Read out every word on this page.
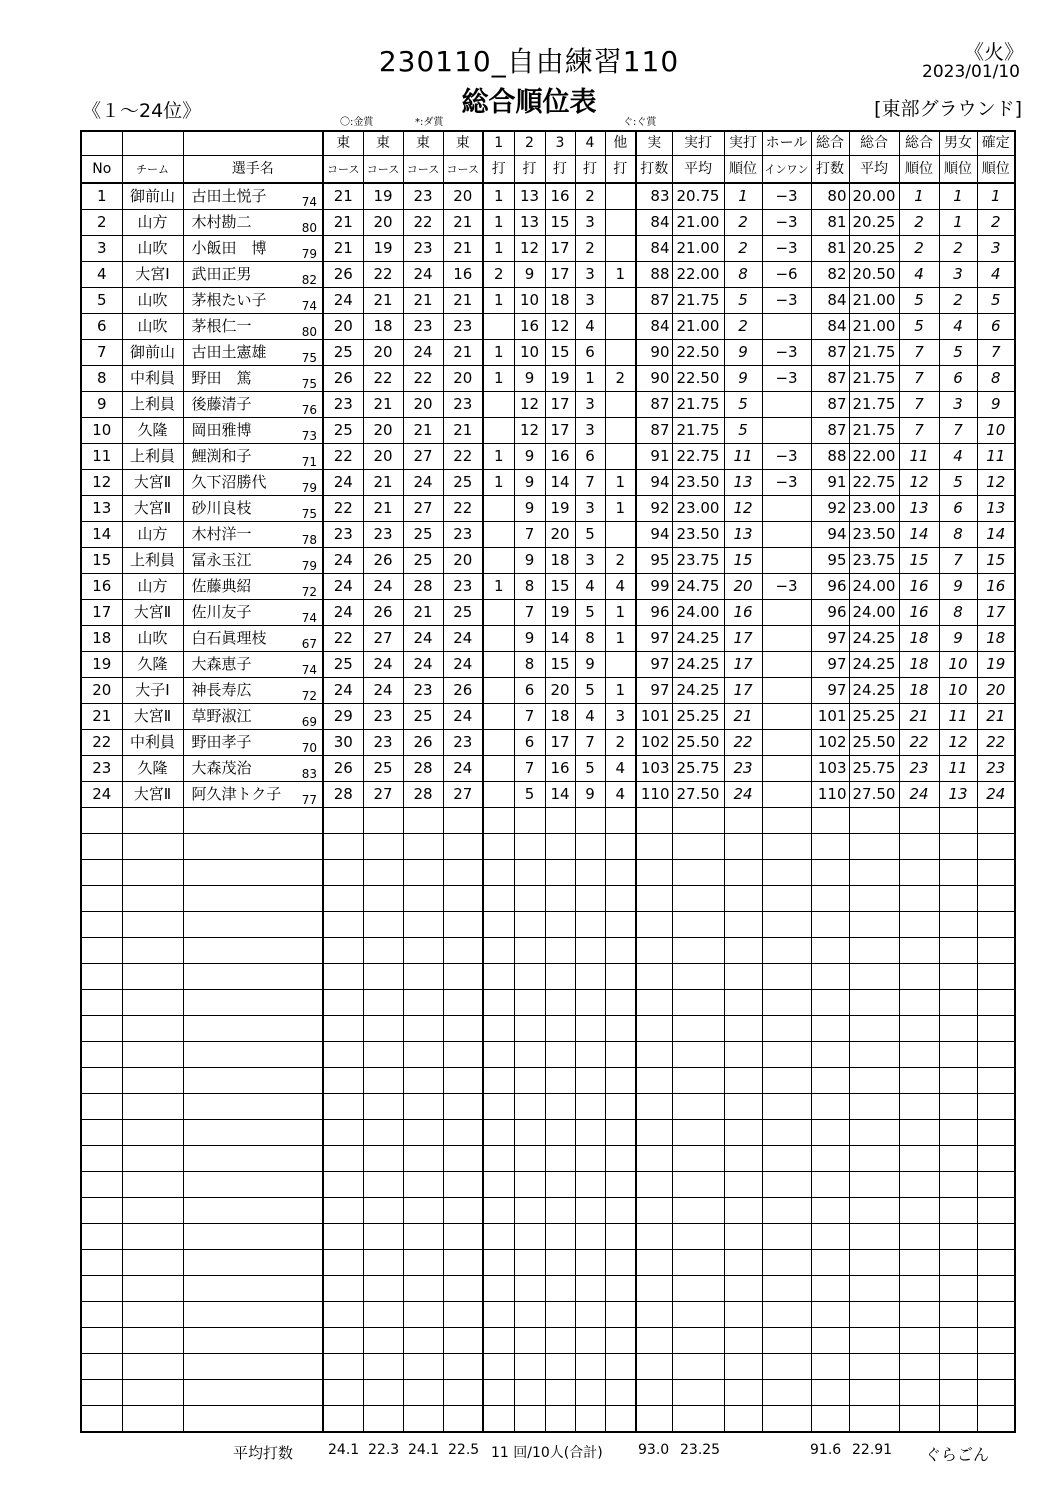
《火》
2023/01/10
230110_自由練習110
総合順位表
《１～24位》	[東部グラウンド]
〇:金賞	*:ダ賞	ぐ:ぐ賞
			東	東	東	東	1	2	3	4	他	実	実打	実打	ホール	総合	総合	総合	男女	確定
No	チーム	選手名	コース	コース	コース	コース	打	打	打	打	打	打数	平均	順位	インワン	打数	平均	順位	順位	順位
1	御前山	古田土悦子 74	21	19	23	20	1	13	16	2		83	20.75	1	−3	80	20.00	1	1	1
2	山方	木村勘二 80	21	20	22	21	1	13	15	3		84	21.00	2	−3	81	20.25	2	1	2
3	山吹	小飯田　博 79	21	19	23	21	1	12	17	2		84	21.00	2	−3	81	20.25	2	2	3
4	大宮Ⅰ	武田正男 82	26	22	24	16	2	9	17	3	1	88	22.00	8	−6	82	20.50	4	3	4
5	山吹	茅根たい子 74	24	21	21	21	1	10	18	3		87	21.75	5	−3	84	21.00	5	2	5
6	山吹	茅根仁一 80	20	18	23	23		16	12	4		84	21.00	2		84	21.00	5	4	6
7	御前山	古田土憲雄 75	25	20	24	21	1	10	15	6		90	22.50	9	−3	87	21.75	7	5	7
8	中利員	野田　篤 75	26	22	22	20	1	9	19	1	2	90	22.50	9	−3	87	21.75	7	6	8
9	上利員	後藤清子 76	23	21	20	23		12	17	3		87	21.75	5		87	21.75	7	3	9
10	久隆	岡田雅博 73	25	20	21	21		12	17	3		87	21.75	5		87	21.75	7	7	10
11	上利員	鯉渕和子 71	22	20	27	22	1	9	16	6		91	22.75	11	−3	88	22.00	11	4	11
12	大宮Ⅱ	久下沼勝代 79	24	21	24	25	1	9	14	7	1	94	23.50	13	−3	91	22.75	12	5	12
13	大宮Ⅱ	砂川良枝 75	22	21	27	22		9	19	3	1	92	23.00	12		92	23.00	13	6	13
14	山方	木村洋一 78	23	23	25	23		7	20	5		94	23.50	13		94	23.50	14	8	14
15	上利員	冨永玉江 79	24	26	25	20		9	18	3	2	95	23.75	15		95	23.75	15	7	15
16	山方	佐藤典紹 72	24	24	28	23	1	8	15	4	4	99	24.75	20	−3	96	24.00	16	9	16
17	大宮Ⅱ	佐川友子 74	24	26	21	25		7	19	5	1	96	24.00	16		96	24.00	16	8	17
18	山吹	白石眞理枝 67	22	27	24	24		9	14	8	1	97	24.25	17		97	24.25	18	9	18
19	久隆	大森恵子 74	25	24	24	24		8	15	9		97	24.25	17		97	24.25	18	10	19
20	大子Ⅰ	神長寿広 72	24	24	23	26		6	20	5	1	97	24.25	17		97	24.25	18	10	20
21	大宮Ⅱ	草野淑江 69	29	23	25	24		7	18	4	3	101	25.25	21		101	25.25	21	11	21
22	中利員	野田孝子 70	30	23	26	23		6	17	7	2	102	25.50	22		102	25.50	22	12	22
23	久隆	大森茂治 83	26	25	28	24		7	16	5	4	103	25.75	23		103	25.75	23	11	23
24	大宮Ⅱ	阿久津トク子 77	28	27	28	27		5	14	9	4	110	27.50	24		110	27.50	24	13	24

平均打数 24.1 22.3 24.1 22.5 11 回/10人(合計)	93.0 23.25	91.6 22.91 ぐらごん
